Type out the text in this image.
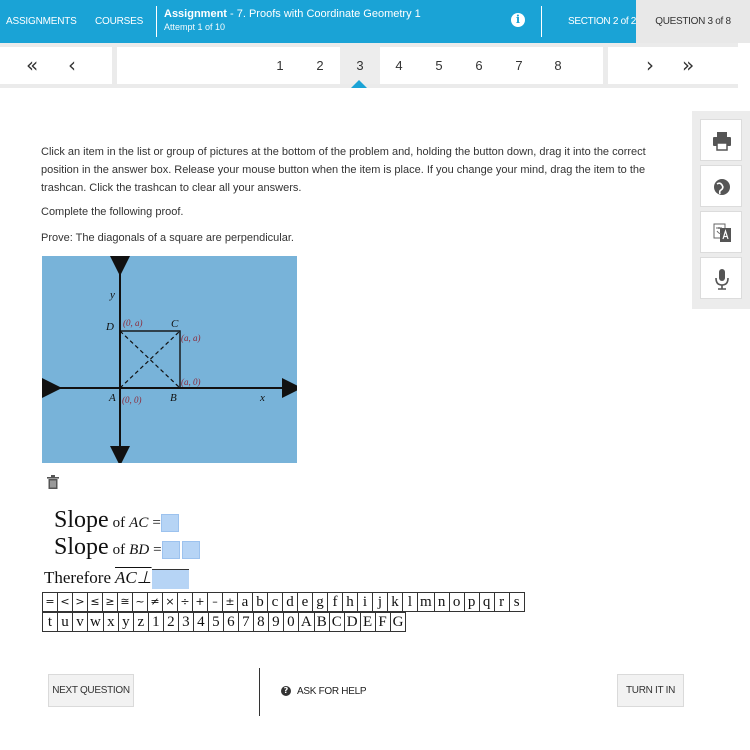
ASSIGNMENTS COURSES
Assignment - 7. Proofs with Coordinate Geometry 1
Attempt 1 of 10
i	SECTION 2 of 2	QUESTION 3 of 8
« ‹	1	2	3	4	5	6	7	8	› »

Click an item in the list or group of pictures at the bottom of the problem and, holding the button down, drag it into the correct position in the answer box. Release your mouse button when the item is place. If you change your mind, drag the item to the trashcan. Click the trashcan to clear all your answers.

Complete the following proof.

Prove: The diagonals of a square are perpendicular.

y
x
D	C
A	B
(0, a)
(a, a)
(a, 0)
(0, 0)
Slope of AC =
Slope of BD =
Therefore AC⊥
= < > ≤ ≥ ≅ ~ ≠ × ÷ + – ± a b c d e g f h i j k l m n o p q r s
t u v w x y z 1 2 3 4 5 6 7 8 9 0 A B C D E F G
NEXT QUESTION	? ASK FOR HELP	TURN IT IN
